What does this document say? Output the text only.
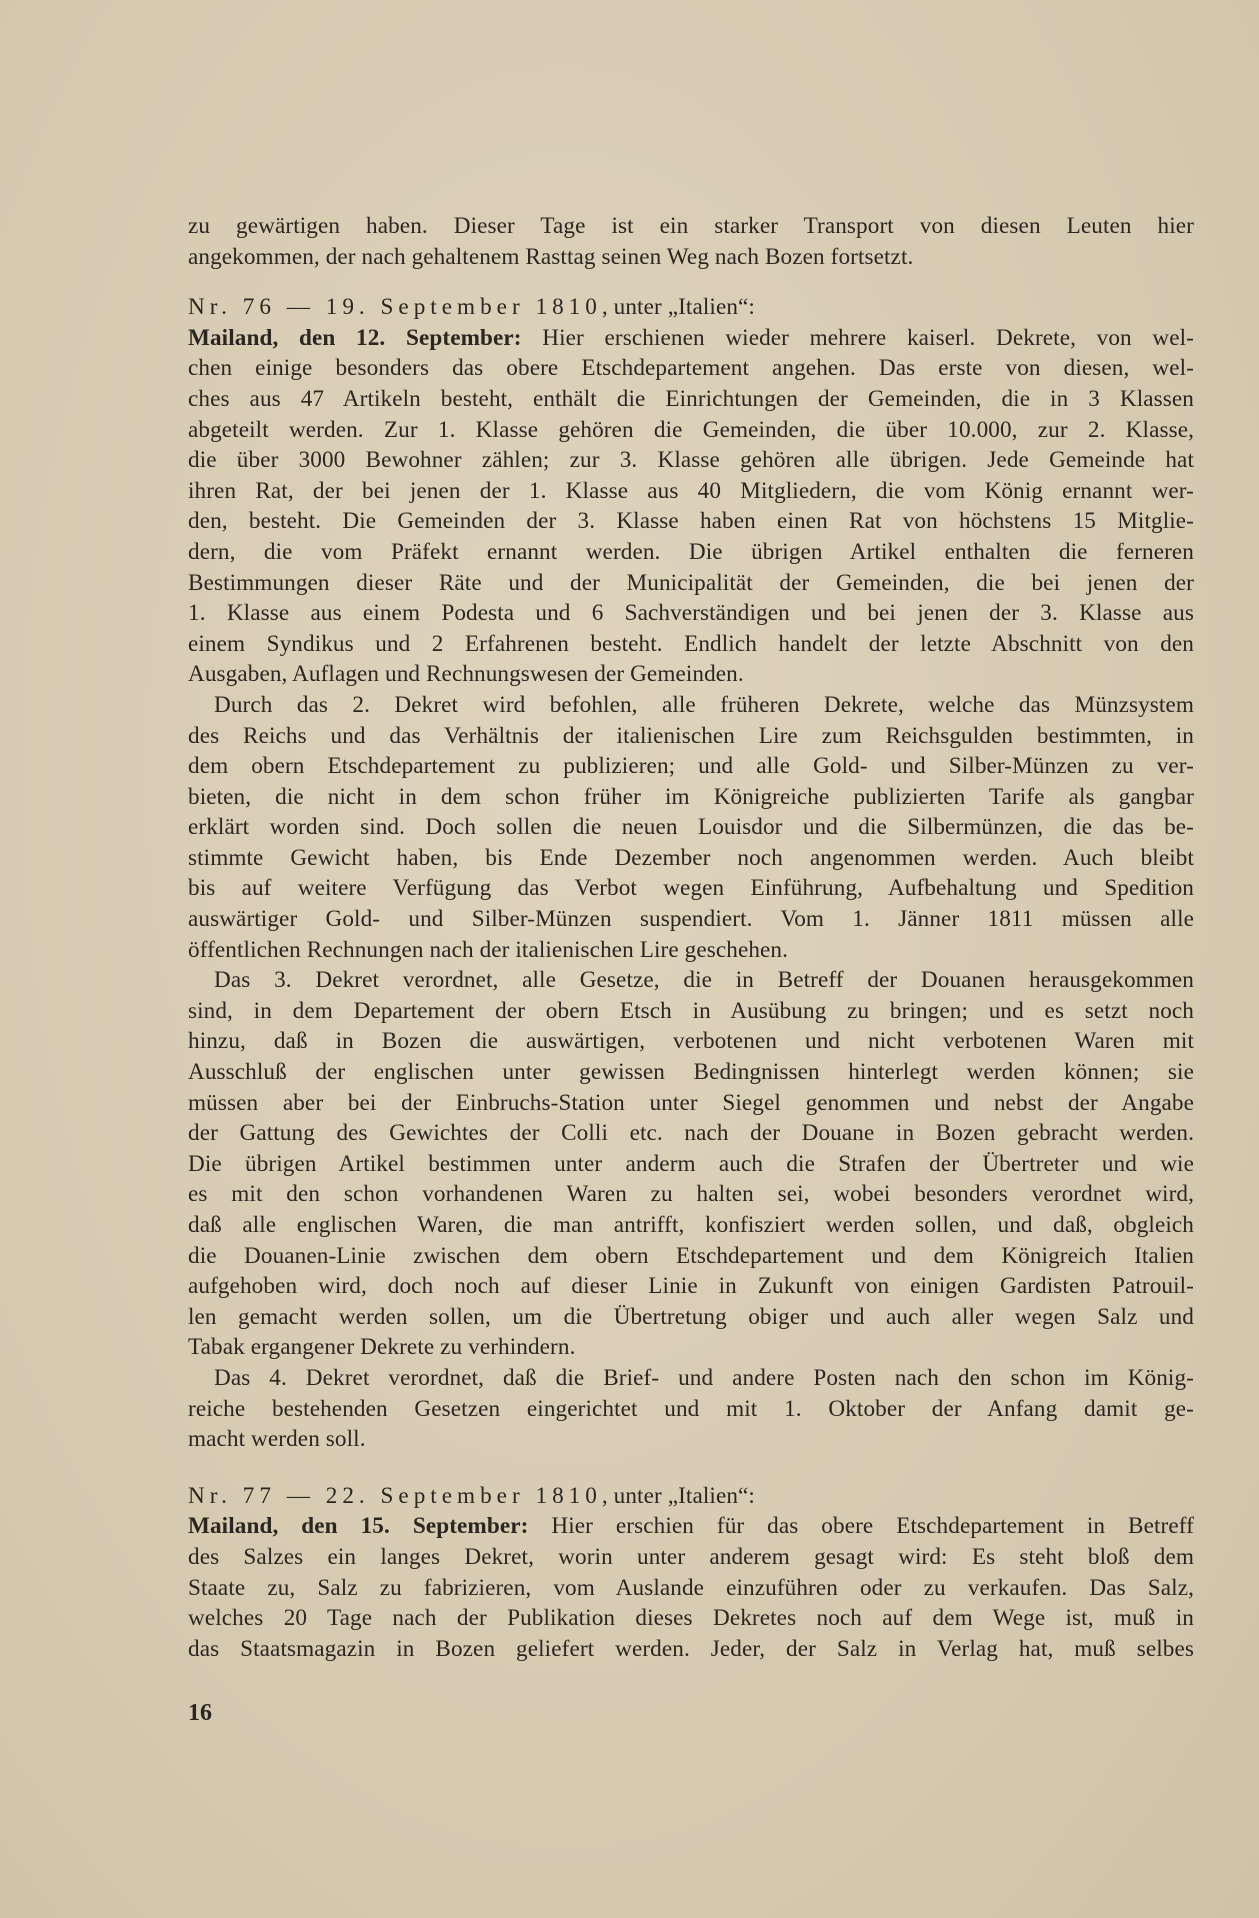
zu gewärtigen haben. Dieser Tage ist ein starker Transport von diesen Leuten hier
angekommen, der nach gehaltenem Rasttag seinen Weg nach Bozen fortsetzt.
Nr. 76 — 19. September 1810, unter „Italien“:
Mailand, den 12. September: Hier erschienen wieder mehrere kaiserl. Dekrete, von wel-
chen einige besonders das obere Etschdepartement angehen. Das erste von diesen, wel-
ches aus 47 Artikeln besteht, enthält die Einrichtungen der Gemeinden, die in 3 Klassen
abgeteilt werden. Zur 1. Klasse gehören die Gemeinden, die über 10.000, zur 2. Klasse,
die über 3000 Bewohner zählen; zur 3. Klasse gehören alle übrigen. Jede Gemeinde hat
ihren Rat, der bei jenen der 1. Klasse aus 40 Mitgliedern, die vom König ernannt wer-
den, besteht. Die Gemeinden der 3. Klasse haben einen Rat von höchstens 15 Mitglie-
dern, die vom Präfekt ernannt werden. Die übrigen Artikel enthalten die ferneren
Bestimmungen dieser Räte und der Municipalität der Gemeinden, die bei jenen der
1. Klasse aus einem Podesta und 6 Sachverständigen und bei jenen der 3. Klasse aus
einem Syndikus und 2 Erfahrenen besteht. Endlich handelt der letzte Abschnitt von den
Ausgaben, Auflagen und Rechnungswesen der Gemeinden.
Durch das 2. Dekret wird befohlen, alle früheren Dekrete, welche das Münzsystem
des Reichs und das Verhältnis der italienischen Lire zum Reichsgulden bestimmten, in
dem obern Etschdepartement zu publizieren; und alle Gold- und Silber-Münzen zu ver-
bieten, die nicht in dem schon früher im Königreiche publizierten Tarife als gangbar
erklärt worden sind. Doch sollen die neuen Louisdor und die Silbermünzen, die das be-
stimmte Gewicht haben, bis Ende Dezember noch angenommen werden. Auch bleibt
bis auf weitere Verfügung das Verbot wegen Einführung, Aufbehaltung und Spedition
auswärtiger Gold- und Silber-Münzen suspendiert. Vom 1. Jänner 1811 müssen alle
öffentlichen Rechnungen nach der italienischen Lire geschehen.
Das 3. Dekret verordnet, alle Gesetze, die in Betreff der Douanen herausgekommen
sind, in dem Departement der obern Etsch in Ausübung zu bringen; und es setzt noch
hinzu, daß in Bozen die auswärtigen, verbotenen und nicht verbotenen Waren mit
Ausschluß der englischen unter gewissen Bedingnissen hinterlegt werden können; sie
müssen aber bei der Einbruchs-Station unter Siegel genommen und nebst der Angabe
der Gattung des Gewichtes der Colli etc. nach der Douane in Bozen gebracht werden.
Die übrigen Artikel bestimmen unter anderm auch die Strafen der Übertreter und wie
es mit den schon vorhandenen Waren zu halten sei, wobei besonders verordnet wird,
daß alle englischen Waren, die man antrifft, konfisziert werden sollen, und daß, obgleich
die Douanen-Linie zwischen dem obern Etschdepartement und dem Königreich Italien
aufgehoben wird, doch noch auf dieser Linie in Zukunft von einigen Gardisten Patrouil-
len gemacht werden sollen, um die Übertretung obiger und auch aller wegen Salz und
Tabak ergangener Dekrete zu verhindern.
Das 4. Dekret verordnet, daß die Brief- und andere Posten nach den schon im König-
reiche bestehenden Gesetzen eingerichtet und mit 1. Oktober der Anfang damit ge-
macht werden soll.
Nr. 77 — 22. September 1810, unter „Italien“:
Mailand, den 15. September: Hier erschien für das obere Etschdepartement in Betreff
des Salzes ein langes Dekret, worin unter anderem gesagt wird: Es steht bloß dem
Staate zu, Salz zu fabrizieren, vom Auslande einzuführen oder zu verkaufen. Das Salz,
welches 20 Tage nach der Publikation dieses Dekretes noch auf dem Wege ist, muß in
das Staatsmagazin in Bozen geliefert werden. Jeder, der Salz in Verlag hat, muß selbes
16
